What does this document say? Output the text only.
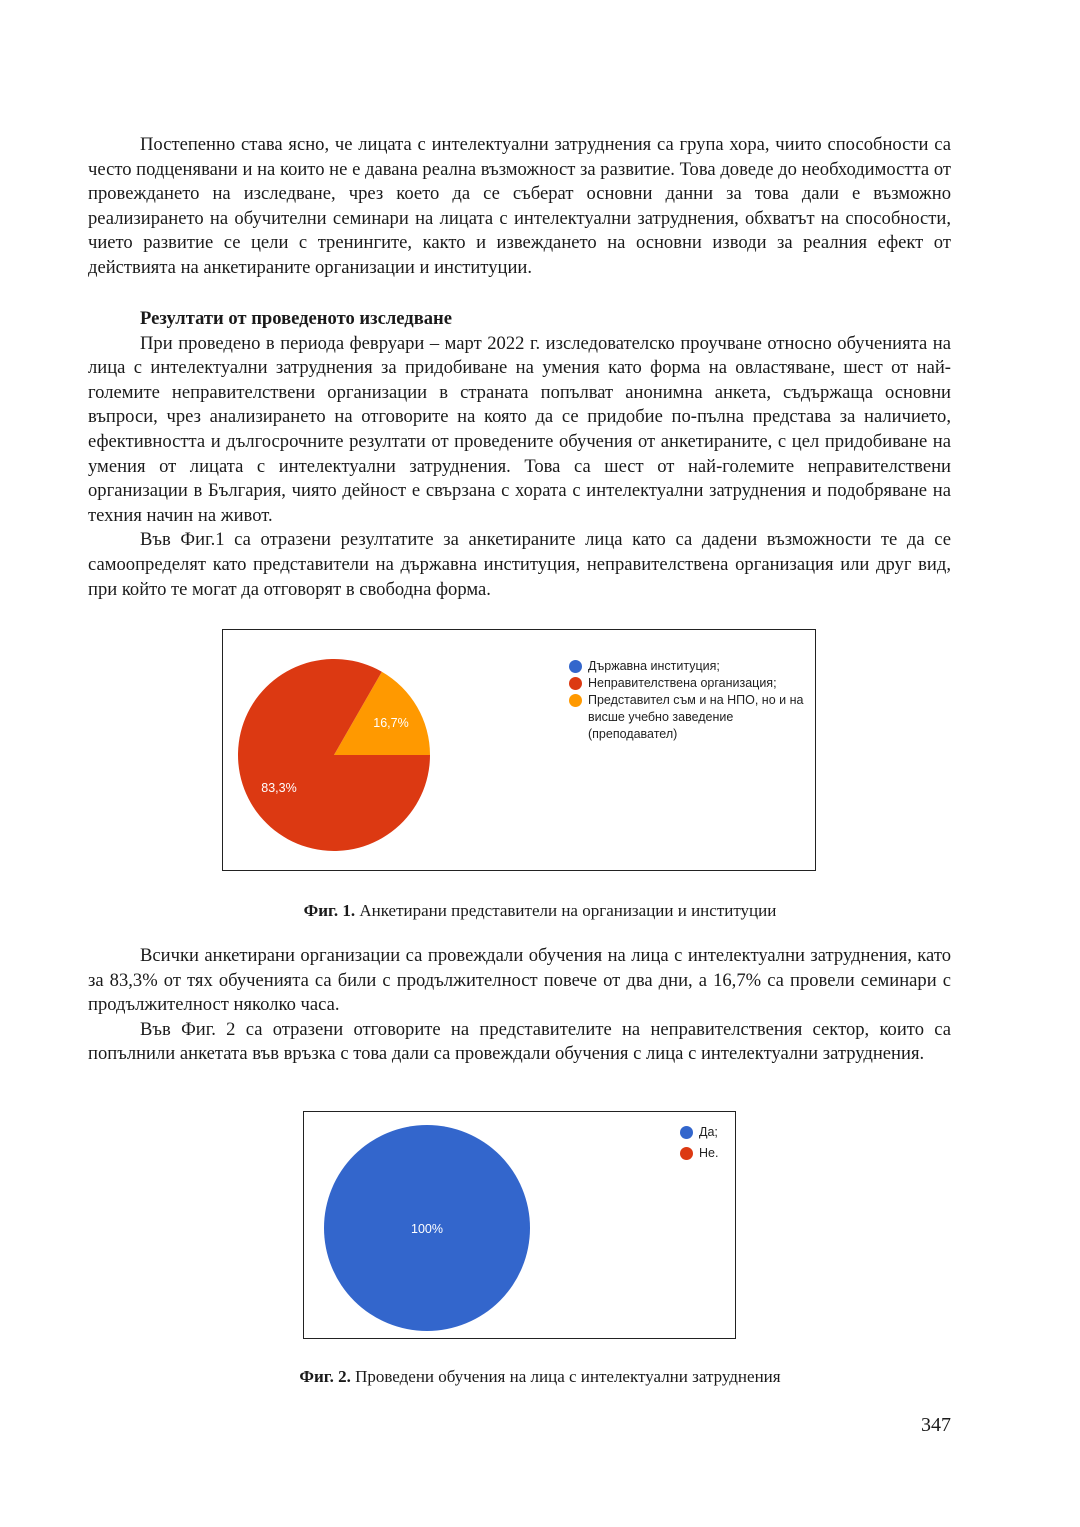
Постепенно става ясно, че лицата с интелектуални затруднения са група хора, чиито способности са често подценявани и на които не е давана реална възможност за развитие. Това доведе до необходимостта от провеждането на изследване, чрез което да се съберат основни данни за това дали е възможно реализирането на обучителни семинари на лицата с интелектуални затруднения, обхватът на способности, чието развитие се цели с тренингите, както и извеждането на основни изводи за реалния ефект от действията на анкетираните организации и институции.

Резултати от проведеното изследване

При проведено в периода февруари – март 2022 г. изследователско проучване относно обученията на лица с интелектуални затруднения за придобиване на умения като форма на овластяване, шест от най-големите неправителствени организации в страната попълват анонимна анкета, съдържаща основни въпроси, чрез анализирането на отговорите на която да се придобие по-пълна представа за наличието, ефективността и дългосрочните резултати от проведените обучения от анкетираните, с цел придобиване на умения от лицата с интелектуални затруднения. Това са шест от най-големите неправителствени организации в България, чиято дейност е свързана с хората с интелектуални затруднения и подобряване на техния начин на живот.

Във Фиг.1 са отразени резултатите за анкетираните лица като са дадени възможности те да се самоопределят като представители на държавна институция, неправителствена организация или друг вид, при който те могат да отговорят в свободна форма.

16,7%
83,3%
Държавна институция;
Неправителствена организация;
Представител съм и на НПО, но и на висше учебно заведение (преподавател)
Фиг. 1. Анкетирани представители на организации и институции

Всички анкетирани организации са провеждали обучения на лица с интелектуални затруднения, като за 83,3% от тях обученията са били с продължителност повече от два дни, а 16,7% са провели семинари с продължителност няколко часа.

Във Фиг. 2 са отразени отговорите на представителите на неправителствения сектор, които са попълнили анкетата във връзка с това дали са провеждали обучения с лица с интелектуални затруднения.

100%
Да;
Не.
Фиг. 2. Проведени обучения на лица с интелектуални затруднения
347
